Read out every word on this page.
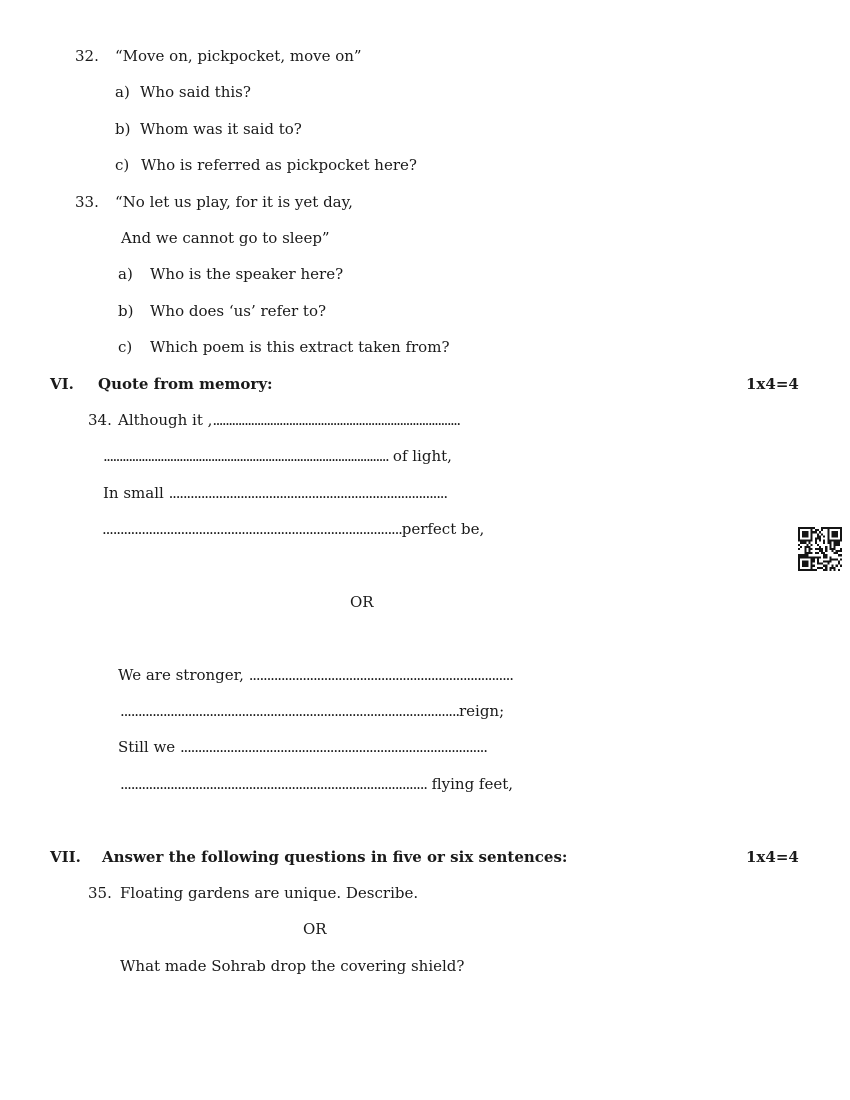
32. “Move on, pickpocket, move on”
a) Who said this?
b) Whom was it said to?
c) Who is referred as pickpocket here?
33. “No let us play, for it is yet day,
And we cannot go to sleep”
a) Who is the speaker here?
b) Who does ‘us’ refer to?
c) Which poem is this extract taken from?
VI. Quote from memory:	1x4=4
34. Although it ,..............................................................................
.......................................................................................... of light,
In small ..............................................................................
....................................................................................perfect be,
OR
We are stronger, ..........................................................................
...............................................................................................reign;
Still we ......................................................................................
...................................................................................... flying feet,
VII. Answer the following questions in five or six sentences:	1x4=4
35. Floating gardens are unique. Describe.
OR
What made Sohrab drop the covering shield?
